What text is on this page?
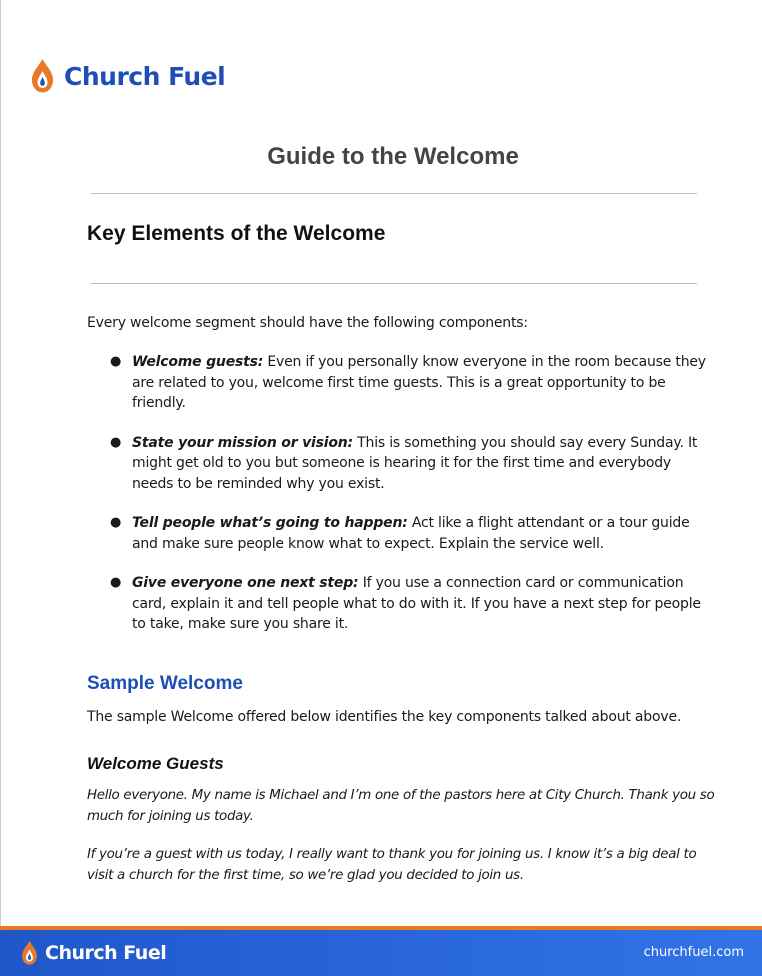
Church Fuel
Guide to the Welcome
Key Elements of the Welcome
Every welcome segment should have the following components:
● Welcome guests: Even if you personally know everyone in the room because they are related to you, welcome first time guests. This is a great opportunity to be friendly.
● State your mission or vision: This is something you should say every Sunday. It might get old to you but someone is hearing it for the first time and everybody needs to be reminded why you exist.
● Tell people what’s going to happen: Act like a flight attendant or a tour guide and make sure people know what to expect. Explain the service well.
● Give everyone one next step: If you use a connection card or communication card, explain it and tell people what to do with it. If you have a next step for people to take, make sure you share it.
Sample Welcome
The sample Welcome offered below identifies the key components talked about above.
Welcome Guests
Hello everyone. My name is Michael and I’m one of the pastors here at City Church. Thank you so much for joining us today.
If you’re a guest with us today, I really want to thank you for joining us. I know it’s a big deal to visit a church for the first time, so we’re glad you decided to join us.
Church Fuel	churchfuel.com
